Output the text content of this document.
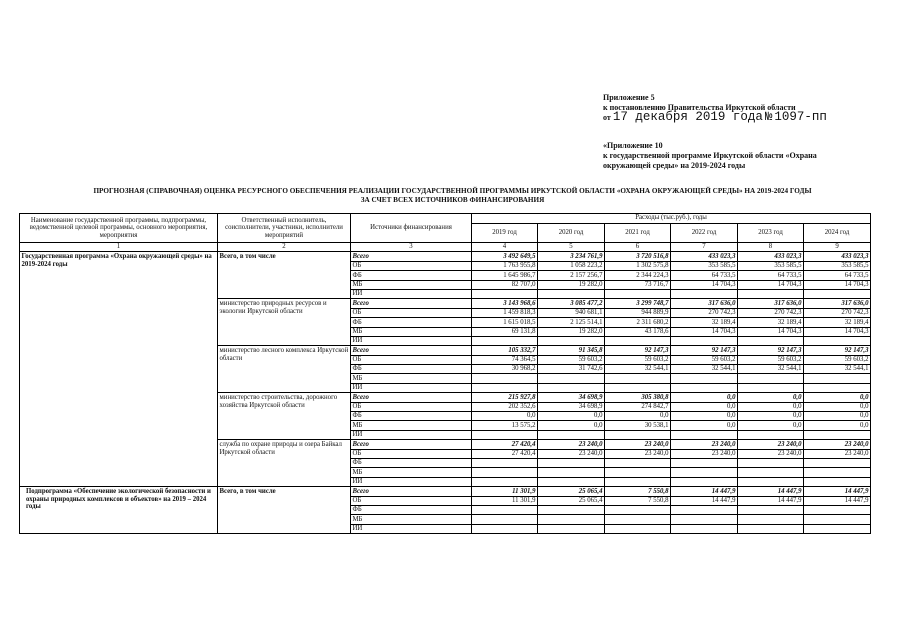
Приложение 5
к постановлению Правительства Иркутской области
от 17 декабря 2019 года № 1097-пп
«Приложение 10
к государственной программе Иркутской области «Охрана
окружающей среды» на 2019-2024 годы
ПРОГНОЗНАЯ (СПРАВОЧНАЯ) ОЦЕНКА РЕСУРСНОГО ОБЕСПЕЧЕНИЯ РЕАЛИЗАЦИИ ГОСУДАРСТВЕННОЙ ПРОГРАММЫ ИРКУТСКОЙ ОБЛАСТИ «ОХРАНА ОКРУЖАЮЩЕЙ СРЕДЫ» НА 2019-2024 ГОДЫ
ЗА СЧЕТ ВСЕХ ИСТОЧНИКОВ ФИНАНСИРОВАНИЯ
Наименование государственной программы, подпрограммы, ведомственной целевой программы, основного мероприятия, мероприятия	Ответственный исполнитель, соисполнители, участники, исполнители мероприятий	Источники финансирования	Расходы (тыс.руб.), годы					
			2019 год	2020 год	2021 год	2022 год	2023 год	2024 год
1	2	3	4	5	6	7	8	9
Государственная программа «Охрана окружающей среды» на 2019-2024 годы	Всего, в том числе	Всего	3 492 649,5	3 234 761,9	3 720 516,8	433 023,3	433 023,3	433 023,3
		ОБ	1 763 955,8	1 058 223,2	1 302 575,8	353 585,5	353 585,5	353 585,5
		ФБ	1 645 986,7	2 157 256,7	2 344 224,3	64 733,5	64 733,5	64 733,5
		МБ	82 707,0	19 282,0	73 716,7	14 704,3	14 704,3	14 704,3
		ИИ						
	министерство природных ресурсов и экологии Иркутской области	Всего	3 143 968,6	3 085 477,2	3 299 748,7	317 636,0	317 636,0	317 636,0
		ОБ	1 459 818,3	940 681,1	944 889,9	270 742,3	270 742,3	270 742,3
		ФБ	1 615 018,5	2 125 514,1	2 311 680,2	32 189,4	32 189,4	32 189,4
		МБ	69 131,8	19 282,0	43 178,6	14 704,3	14 704,3	14 704,3
		ИИ						
	министерство лесного комплекса Иркутской области	Всего	105 332,7	91 345,8	92 147,3	92 147,3	92 147,3	92 147,3
		ОБ	74 364,5	59 603,2	59 603,2	59 603,2	59 603,2	59 603,2
		ФБ	30 968,2	31 742,6	32 544,1	32 544,1	32 544,1	32 544,1
		МБ						
		ИИ						
	министерство строительства, дорожного хозяйства Иркутской области	Всего	215 927,8	34 698,9	305 380,8	0,0	0,0	0,0
		ОБ	202 352,6	34 698,9	274 842,7	0,0	0,0	0,0
		ФБ	0,0	0,0	0,0	0,0	0,0	0,0
		МБ	13 575,2	0,0	30 538,1	0,0	0,0	0,0
		ИИ						
	служба по охране природы и озера Байкал Иркутской области	Всего	27 420,4	23 240,0	23 240,0	23 240,0	23 240,0	23 240,0
		ОБ	27 420,4	23 240,0	23 240,0	23 240,0	23 240,0	23 240,0
		ФБ						
		МБ						
		ИИ						
Подпрограмма «Обеспечение экологической безопасности и охраны природных комплексов и объектов» на 2019 – 2024 годы	Всего, в том числе	Всего	11 301,9	25 065,4	7 550,8	14 447,9	14 447,9	14 447,9
		ОБ	11 301,9	25 065,4	7 550,8	14 447,9	14 447,9	14 447,9
		ФБ						
		МБ						
		ИИ						
